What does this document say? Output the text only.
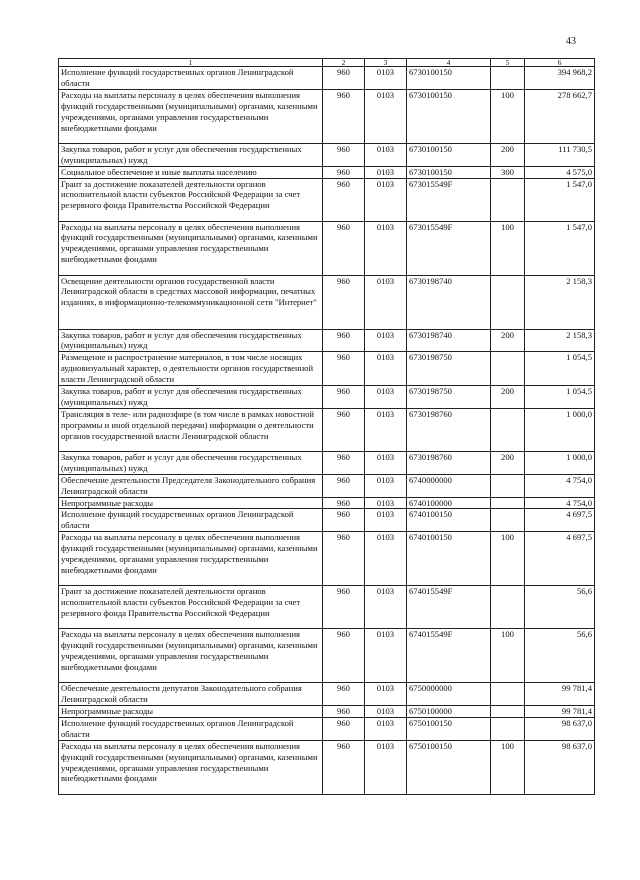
43
1	2	3	4	5	6
Исполнение функций государственных органов Ленинградской области	960	0103	6730100150		394 968,2
Расходы на выплаты персоналу в целях обеспечения выполнения функций государственными (муниципальными) органами, казенными учреждениями, органами управления государственными внебюджетными фондами	960	0103	6730100150	100	278 662,7
Закупка товаров, работ и услуг для обеспечения государственных (муниципальных) нужд	960	0103	6730100150	200	111 730,5
Социальное обеспечение и иные выплаты населению	960	0103	6730100150	300	4 575,0
Грант за достижение показателей деятельности органов исполнительной власти субъектов Российской Федерации за счет резервного фонда Правительства Российской Федерации	960	0103	673015549F		1 547,0
Расходы на выплаты персоналу в целях обеспечения выполнения функций государственными (муниципальными) органами, казенными учреждениями, органами управления государственными внебюджетными фондами	960	0103	673015549F	100	1 547,0
Освещение деятельности органов государственной власти Ленинградской области в средствах массовой информации, печатных изданиях, в информационно-телекоммуникационной сети "Интернет"	960	0103	6730198740		2 158,3
Закупка товаров, работ и услуг для обеспечения государственных (муниципальных) нужд	960	0103	6730198740	200	2 158,3
Размещение и распространение материалов, в том числе носящих аудиовизуальный характер, о деятельности органов государственной власти Ленинградской области	960	0103	6730198750		1 054,5
Закупка товаров, работ и услуг для обеспечения государственных (муниципальных) нужд	960	0103	6730198750	200	1 054,5
Трансляция в теле- или радиоэфире (в том числе в рамках новостной программы и иной отдельной передачи) информации о деятельности органов государственной власти Ленинградской области	960	0103	6730198760		1 000,0
Закупка товаров, работ и услуг для обеспечения государственных (муниципальных) нужд	960	0103	6730198760	200	1 000,0
Обеспечение деятельности Председателя Законодательного собрания Ленинградской области	960	0103	6740000000		4 754,0
Непрограммные расходы	960	0103	6740100000		4 754,0
Исполнение функций государственных органов Ленинградской области	960	0103	6740100150		4 697,5
Расходы на выплаты персоналу в целях обеспечения выполнения функций государственными (муниципальными) органами, казенными учреждениями, органами управления государственными внебюджетными фондами	960	0103	6740100150	100	4 697,5
Грант за достижение показателей деятельности органов исполнительной власти субъектов Российской Федерации за счет резервного фонда Правительства Российской Федерации	960	0103	674015549F		56,6
Расходы на выплаты персоналу в целях обеспечения выполнения функций государственными (муниципальными) органами, казенными учреждениями, органами управления государственными внебюджетными фондами	960	0103	674015549F	100	56,6
Обеспечение деятельности депутатов Законодательного собрания Ленинградской области	960	0103	6750000000		99 781,4
Непрограммные расходы	960	0103	6750100000		99 781,4
Исполнение функций государственных органов Ленинградской области	960	0103	6750100150		98 637,0
Расходы на выплаты персоналу в целях обеспечения выполнения функций государственными (муниципальными) органами, казенными учреждениями, органами управления государственными внебюджетными фондами	960	0103	6750100150	100	98 637,0
